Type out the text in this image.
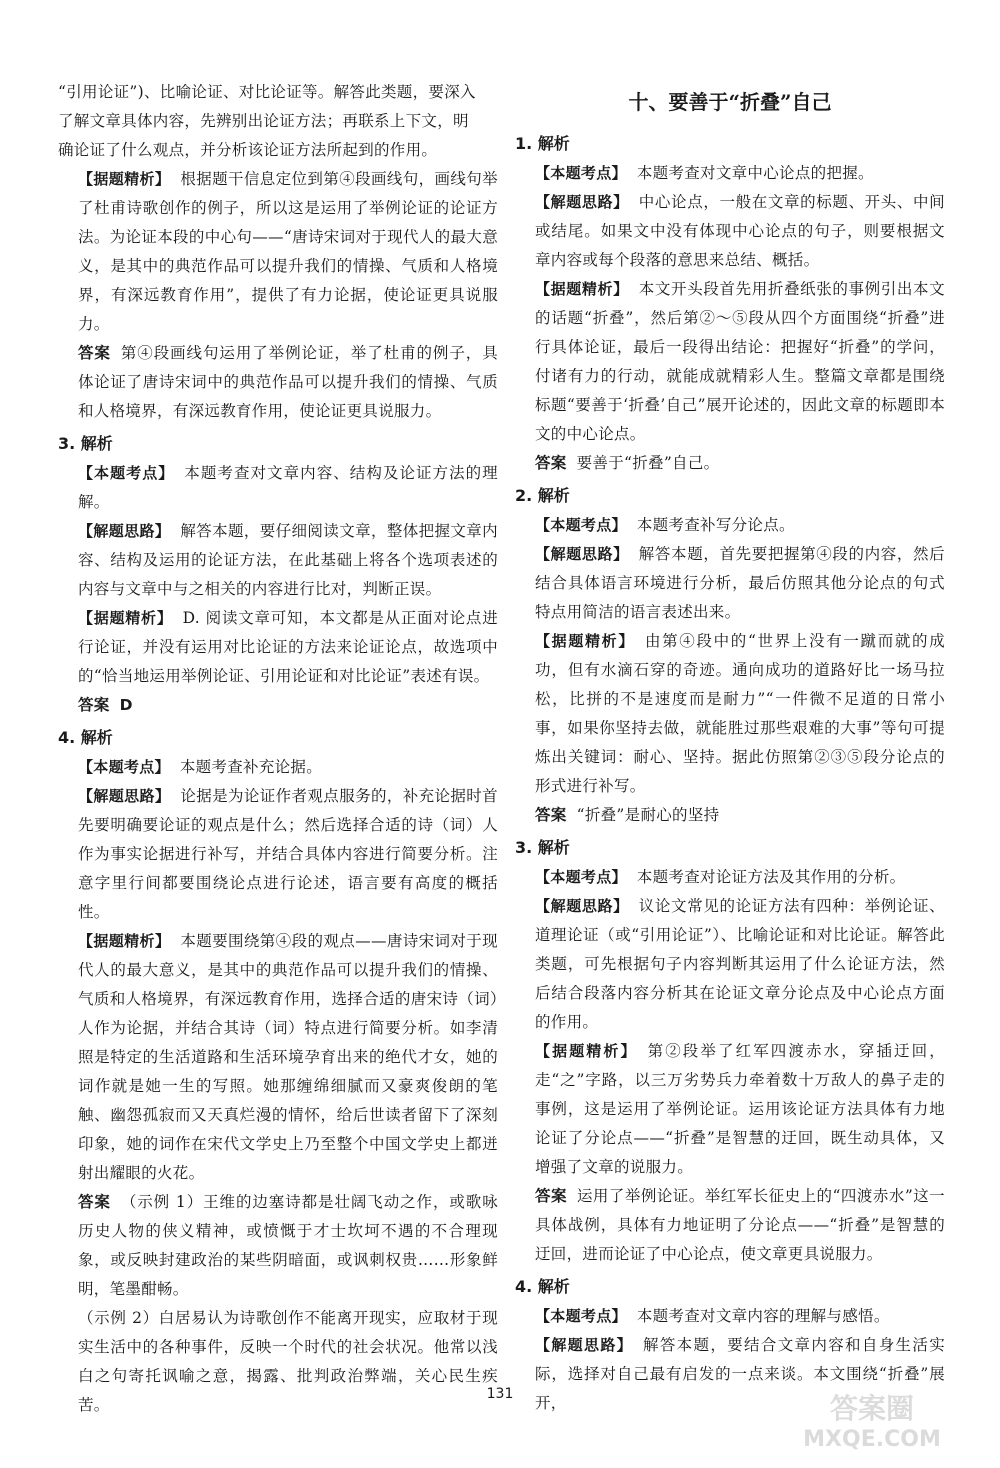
“引用论证”)、比喻论证、对比论证等。解答此类题，要深入

了解文章具体内容，先辨别出论证方法；再联系上下文，明

确论证了什么观点，并分析该论证方法所起到的作用。

【据题精析】 根据题干信息定位到第④段画线句，画线句举了杜甫诗歌创作的例子，所以这是运用了举例论证的论证方法。为论证本段的中心句——“唐诗宋词对于现代人的最大意义，是其中的典范作品可以提升我们的情操、气质和人格境界，有深远教育作用”，提供了有力论据，使论证更具说服力。

答案 第④段画线句运用了举例论证，举了杜甫的例子，具体论证了唐诗宋词中的典范作品可以提升我们的情操、气质和人格境界，有深远教育作用，使论证更具说服力。

3. 解析

【本题考点】 本题考查对文章内容、结构及论证方法的理解。

【解题思路】 解答本题，要仔细阅读文章，整体把握文章内容、结构及运用的论证方法，在此基础上将各个选项表述的内容与文章中与之相关的内容进行比对，判断正误。

【据题精析】 D. 阅读文章可知，本文都是从正面对论点进行论证，并没有运用对比论证的方法来论证论点，故选项中的“恰当地运用举例论证、引用论证和对比论证”表述有误。

答案 D

4. 解析

【本题考点】 本题考查补充论据。

【解题思路】 论据是为论证作者观点服务的，补充论据时首先要明确要论证的观点是什么；然后选择合适的诗（词）人作为事实论据进行补写，并结合具体内容进行简要分析。注意字里行间都要围绕论点进行论述，语言要有高度的概括性。

【据题精析】 本题要围绕第④段的观点——唐诗宋词对于现代人的最大意义，是其中的典范作品可以提升我们的情操、气质和人格境界，有深远教育作用，选择合适的唐宋诗（词）人作为论据，并结合其诗（词）特点进行简要分析。如李清照是特定的生活道路和生活环境孕育出来的绝代才女，她的词作就是她一生的写照。她那缠绵细腻而又豪爽俊朗的笔触、幽怨孤寂而又天真烂漫的情怀，给后世读者留下了深刻印象，她的词作在宋代文学史上乃至整个中国文学史上都迸射出耀眼的火花。

答案 （示例 1）王维的边塞诗都是壮阔飞动之作，或歌咏历史人物的侠义精神，或愤慨于才士坎坷不遇的不合理现象，或反映封建政治的某些阴暗面，或讽刺权贵……形象鲜明，笔墨酣畅。

（示例 2）白居易认为诗歌创作不能离开现实，应取材于现实生活中的各种事件，反映一个时代的社会状况。他常以浅白之句寄托讽喻之意，揭露、批判政治弊端，关心民生疾苦。

十、要善于“折叠”自己
1. 解析

【本题考点】 本题考查对文章中心论点的把握。

【解题思路】 中心论点，一般在文章的标题、开头、中间或结尾。如果文中没有体现中心论点的句子，则要根据文章内容或每个段落的意思来总结、概括。

【据题精析】 本文开头段首先用折叠纸张的事例引出本文的话题“折叠”，然后第②～⑤段从四个方面围绕“折叠”进行具体论证，最后一段得出结论：把握好“折叠”的学问，付诸有力的行动，就能成就精彩人生。整篇文章都是围绕标题“要善于‘折叠’自己”展开论述的，因此文章的标题即本文的中心论点。

答案 要善于“折叠”自己。

2. 解析

【本题考点】 本题考查补写分论点。

【解题思路】 解答本题，首先要把握第④段的内容，然后结合具体语言环境进行分析，最后仿照其他分论点的句式特点用简洁的语言表述出来。

【据题精析】 由第④段中的“世界上没有一蹴而就的成功，但有水滴石穿的奇迹。通向成功的道路好比一场马拉松，比拼的不是速度而是耐力”“一件微不足道的日常小事，如果你坚持去做，就能胜过那些艰难的大事”等句可提炼出关键词：耐心、坚持。据此仿照第②③⑤段分论点的形式进行补写。

答案 “折叠”是耐心的坚持

3. 解析

【本题考点】 本题考查对论证方法及其作用的分析。

【解题思路】 议论文常见的论证方法有四种：举例论证、道理论证（或“引用论证”）、比喻论证和对比论证。解答此类题，可先根据句子内容判断其运用了什么论证方法，然后结合段落内容分析其在论证文章分论点及中心论点方面的作用。

【据题精析】 第②段举了红军四渡赤水，穿插迂回，走“之”字路，以三万劣势兵力牵着数十万敌人的鼻子走的事例，这是运用了举例论证。运用该论证方法具体有力地论证了分论点——“折叠”是智慧的迂回，既生动具体，又增强了文章的说服力。

答案 运用了举例论证。举红军长征史上的“四渡赤水”这一具体战例，具体有力地证明了分论点——“折叠”是智慧的迂回，进而论证了中心论点，使文章更具说服力。

4. 解析

【本题考点】 本题考查对文章内容的理解与感悟。

【解题思路】 解答本题，要结合文章内容和自身生活实际，选择对自己最有启发的一点来谈。本文围绕“折叠”展开，

131	答案圈
MXQE.COM
